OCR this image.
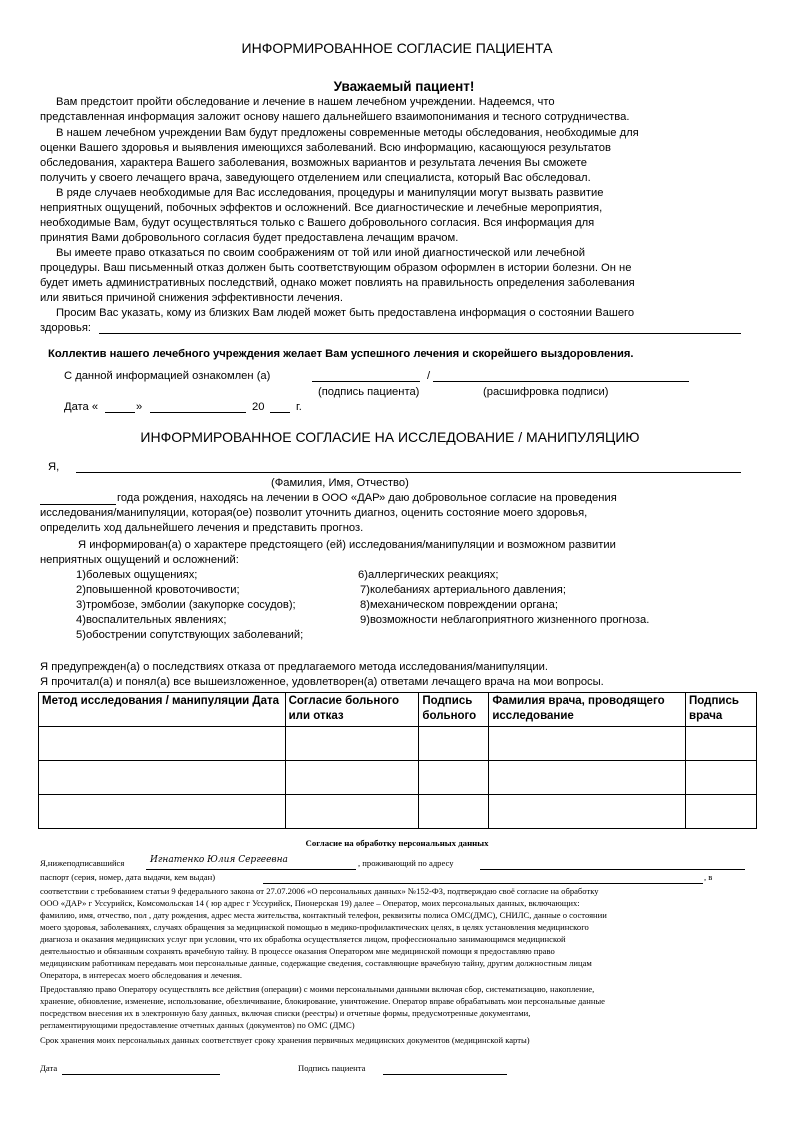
ИНФОРМИРОВАННОЕ СОГЛАСИЕ ПАЦИЕНТА
Уважаемый пациент!
Вам предстоит пройти обследование и лечение в нашем лечебном учреждении. Надеемся, что
представленная информация заложит основу нашего дальнейшего взаимопонимания и тесного сотрудничества.
В нашем лечебном учреждении Вам будут предложены современные методы обследования, необходимые для
оценки Вашего здоровья и выявления имеющихся заболеваний. Всю информацию, касающуюся результатов
обследования, характера Вашего заболевания, возможных вариантов и результата лечения Вы сможете
получить у своего лечащего врача, заведующего отделением или специалиста, который Вас обследовал.
В ряде случаев необходимые для Вас исследования, процедуры и манипуляции могут вызвать развитие
неприятных ощущений, побочных эффектов и осложнений. Все диагностические и лечебные мероприятия,
необходимые Вам, будут осуществляться только с Вашего добровольного согласия. Вся информация для
принятия Вами добровольного согласия будет предоставлена лечащим врачом.
Вы имеете право отказаться по своим соображениям от той или иной диагностической или лечебной
процедуры. Ваш письменный отказ должен быть соответствующим образом оформлен в истории болезни. Он не
будет иметь административных последствий, однако может повлиять на правильность определения заболевания
или явиться причиной снижения эффективности лечения.
Просим Вас указать, кому из близких Вам людей может быть предоставлена информация о состоянии Вашего
здоровья:
Коллектив нашего лечебного учреждения желает Вам успешного лечения и скорейшего выздоровления.
С данной информацией ознакомлен (а)	/
(подпись пациента)	(расшифровка подписи)
Дата «	»	20	г.
ИНФОРМИРОВАННОЕ СОГЛАСИЕ НА ИССЛЕДОВАНИЕ / МАНИПУЛЯЦИЮ
Я,
(Фамилия, Имя, Отчество)
года рождения, находясь на лечении в ООО «ДАР» даю добровольное согласие на проведения
исследования/манипуляции, которая(ое) позволит уточнить диагноз, оценить состояние моего здоровья,
определить ход дальнейшего лечения и представить прогноз.
Я информирован(а) о характере предстоящего (ей) исследования/манипуляции и возможном развитии
неприятных ощущений и осложнений:
1)болевых ощущениях;
2)повышенной кровоточивости;
3)тромбозе, эмболии (закупорке сосудов);
4)воспалительных явлениях;
5)обострении сопутствующих заболеваний;
6)аллергических реакциях;
7)колебаниях артериального давления;
8)механическом повреждении органа;
9)возможности неблагоприятного жизненного прогноза.
Я предупрежден(а) о последствиях отказа от предлагаемого метода исследования/манипуляции.
Я прочитал(а) и понял(а) все вышеизложенное, удовлетворен(а) ответами лечащего врача на мои вопросы.
Метод исследования / манипуляции Дата	Согласие больного или отказ	Подпись больного	Фамилия врача, проводящего исследование	Подпись врача

Согласие на обработку персональных данных
Я,нижеподписавшийся	Игнатенко Юлия Сергеевна	, проживающий по адресу
паспорт (серия, номер, дата выдачи, кем выдан)	, в
соответствии с требованием статьи 9 федерального закона от 27.07.2006 «О персональных данных» №152-ФЗ, подтверждаю своё согласие на обработку
ООО «ДАР» г Уссурийск, Комсомольская 14 ( юр адрес г Уссурийск, Пионерская 19) далее – Оператор, моих персональных данных, включающих:
фамилию, имя, отчество, пол , дату рождения, адрес места жительства, контактный телефон, реквизиты полиса ОМС(ДМС), СНИЛС, данные о состоянии
моего здоровья, заболеваниях, случаях обращения за медицинской помощью в медико-профилактических целях, в целях установления медицинского
диагноза и оказания медицинских услуг при условии, что их обработка осуществляется лицом, профессионально занимающимся медицинской
деятельностью и обязанным сохранять врачебную тайну. В процессе оказания Оператором мне медицинской помощи я предоставляю право
медицинским работникам передавать мои персональные данные, содержащие сведения, составляющие врачебную тайну, другим должностным лицам
Оператора, в интересах моего обследования и лечения.
Предоставляю право Оператору осуществлять все действия (операции) с моими персональными данными включая сбор, систематизацию, накопление,
хранение, обновление, изменение, использование, обезличивание, блокирование, уничтожение. Оператор вправе обрабатывать мои персональные данные
посредством внесения их в электронную базу данных, включая списки (реестры) и отчетные формы, предусмотренные документами,
регламентирующими предоставление отчетных данных (документов) по ОМС (ДМС)
Срок хранения моих персональных данных соответствует сроку хранения первичных медицинских документов (медицинской карты)
Дата	Подпись пациента
